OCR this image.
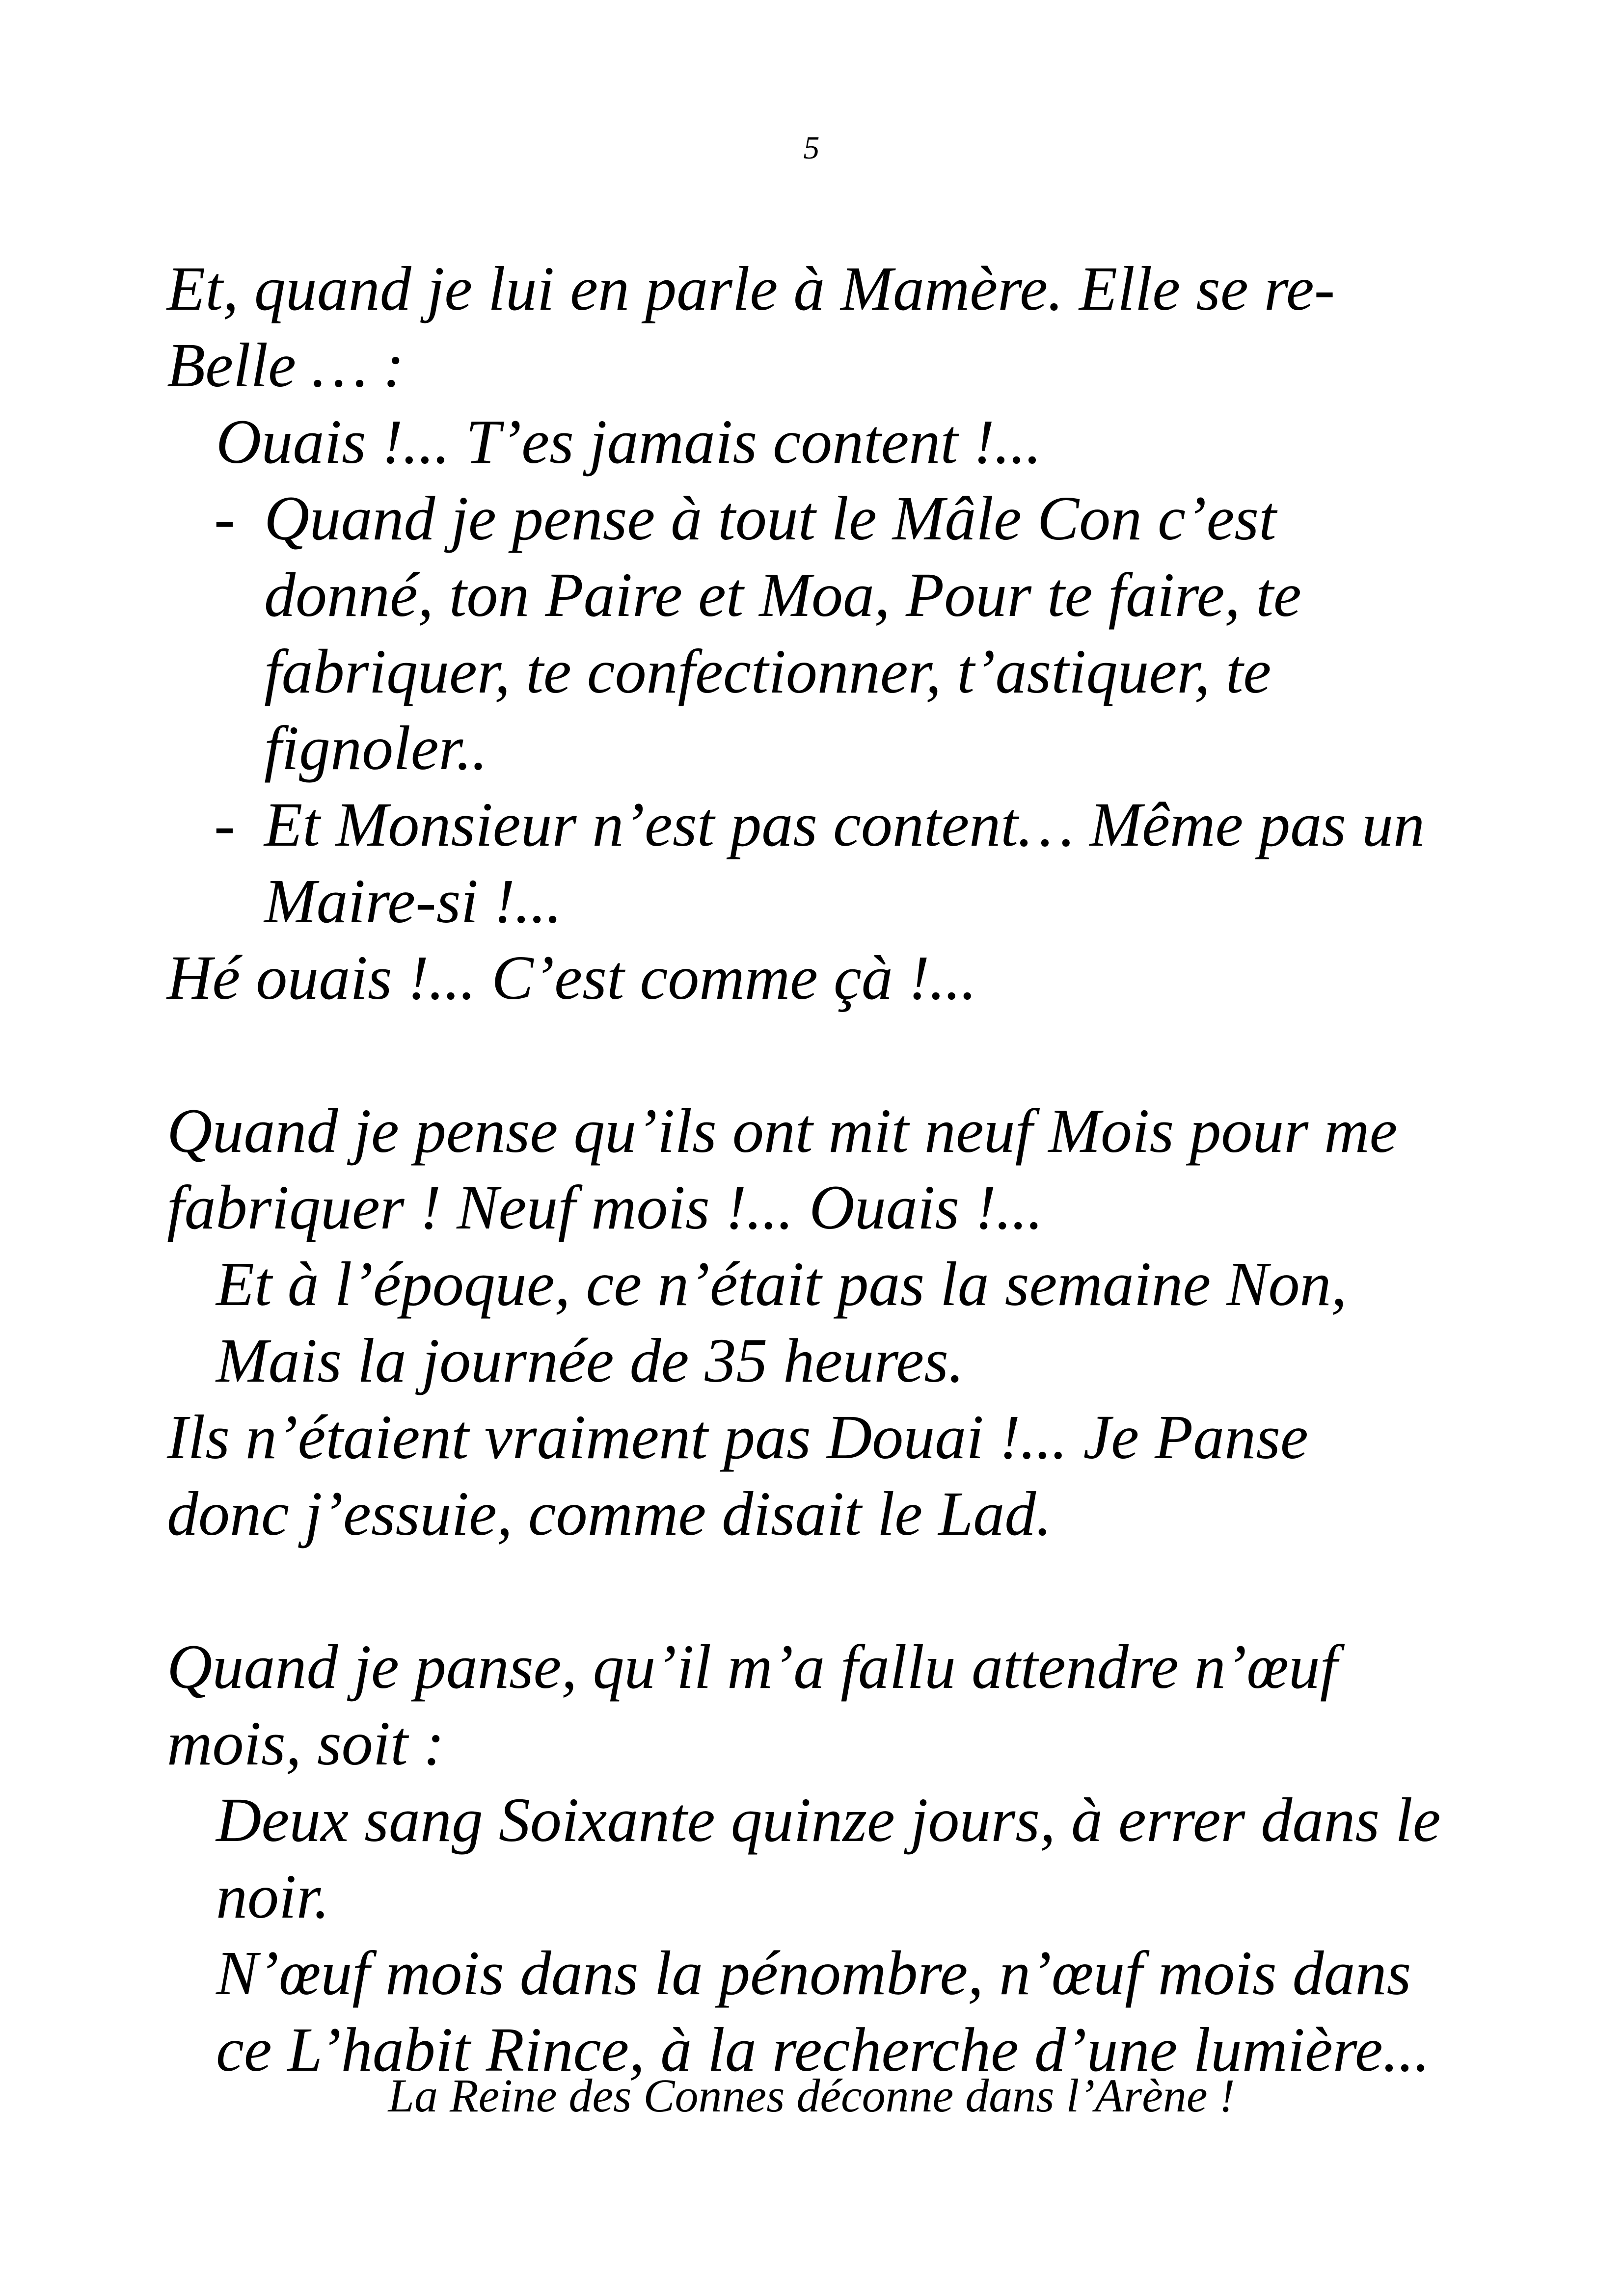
5
Et, quand je lui en parle à Mamère. Elle se re-
Belle … :
Ouais !... T’es jamais content !...
- Quand je pense à tout le Mâle Con c’est
donné, ton Paire et Moa, Pour te faire, te
fabriquer, te confectionner, t’astiquer, te
fignoler..
- Et Monsieur n’est pas content… Même pas un
Maire-si !...
Hé ouais !... C’est comme çà !...
Quand je pense qu’ils ont mit neuf Mois pour me
fabriquer ! Neuf mois !... Ouais !...
Et à l’époque, ce n’était pas la semaine Non,
Mais la journée de 35 heures.
Ils n’étaient vraiment pas Douai !... Je Panse
donc j’essuie, comme disait le Lad.
Quand je panse, qu’il m’a fallu attendre n’œuf
mois, soit :
Deux sang Soixante quinze jours, à errer dans le
noir.
N’œuf mois dans la pénombre, n’œuf mois dans
ce L’habit Rince, à la recherche d’une lumière...
La Reine des Connes déconne dans l’Arène !
